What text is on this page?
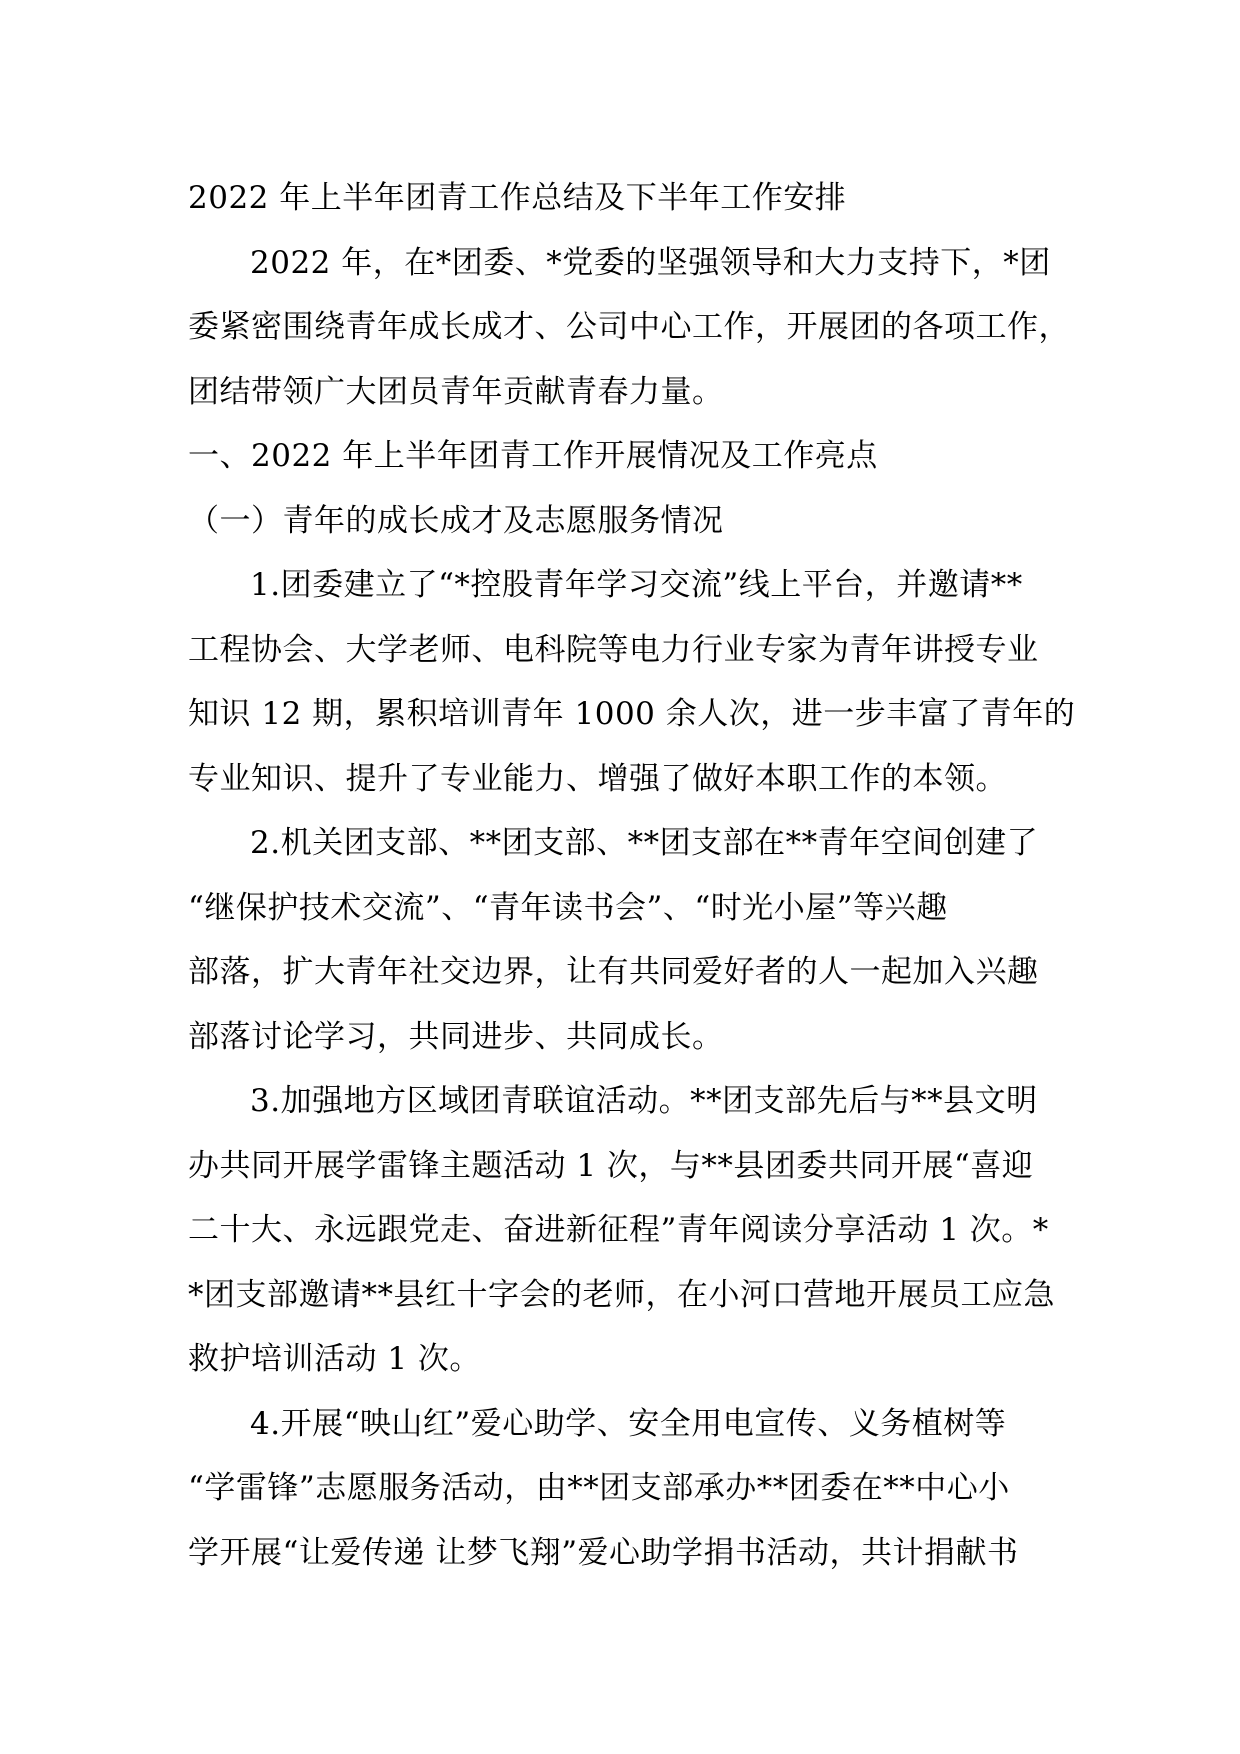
2022 年上半年团青工作总结及下半年工作安排

2022 年，在*团委、*党委的坚强领导和大力支持下，*团
委紧密围绕青年成长成才、公司中心工作，开展团的各项工作，
团结带领广大团员青年贡献青春力量。

一、2022 年上半年团青工作开展情况及工作亮点

（一）青年的成长成才及志愿服务情况

1.团委建立了“*控股青年学习交流”线上平台，并邀请**
工程协会、大学老师、电科院等电力行业专家为青年讲授专业
知识 12 期，累积培训青年 1000 余人次，进一步丰富了青年的
专业知识、提升了专业能力、增强了做好本职工作的本领。

2.机关团支部、**团支部、**团支部在**青年空间创建了
“继保护技术交流”、“青年读书会”、“时光小屋”等兴趣
部落，扩大青年社交边界，让有共同爱好者的人一起加入兴趣
部落讨论学习，共同进步、共同成长。

3.加强地方区域团青联谊活动。**团支部先后与**县文明
办共同开展学雷锋主题活动 1 次，与**县团委共同开展“喜迎
二十大、永远跟党走、奋进新征程”青年阅读分享活动 1 次。*
*团支部邀请**县红十字会的老师，在小河口营地开展员工应急
救护培训活动 1 次。

4.开展“映山红”爱心助学、安全用电宣传、义务植树等
“学雷锋”志愿服务活动，由**团支部承办**团委在**中心小
学开展“让爱传递 让梦飞翔”爱心助学捐书活动，共计捐献书
